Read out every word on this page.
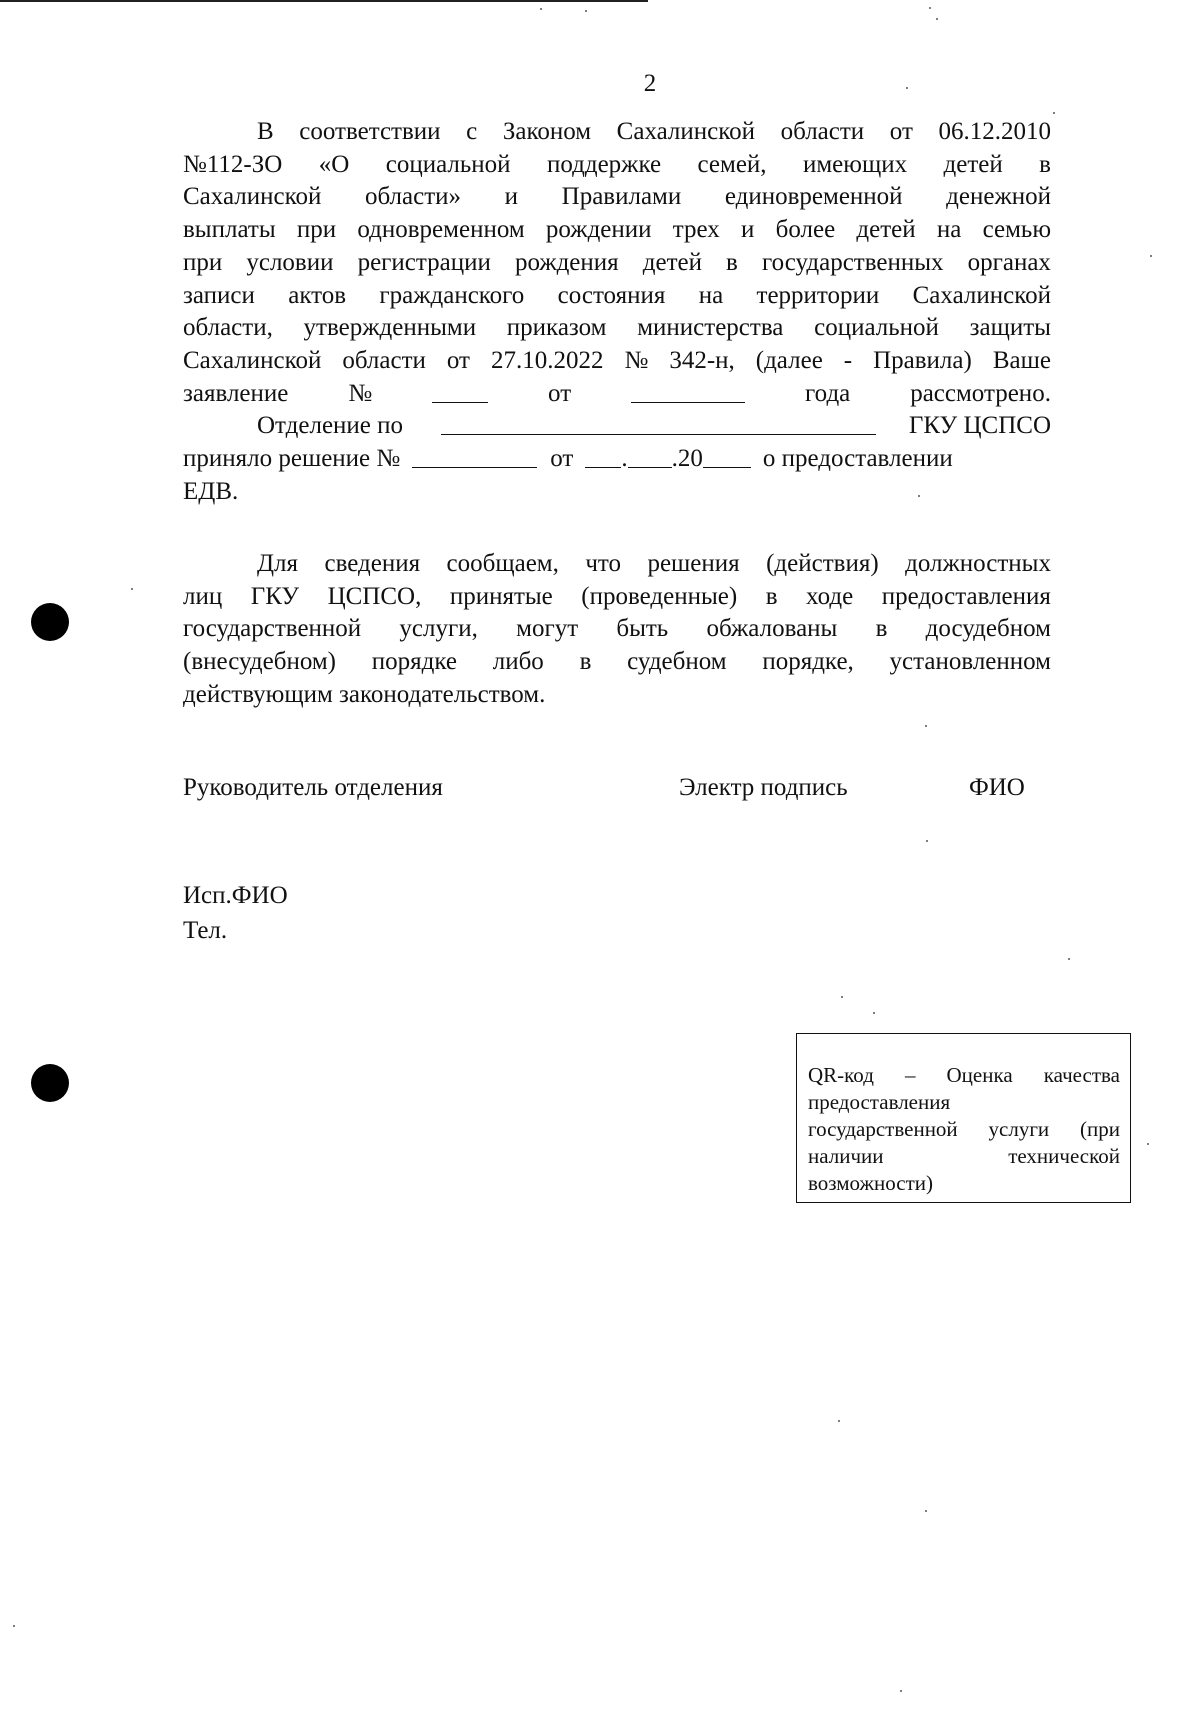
2
В соответствии с Законом Сахалинской области от 06.12.2010
№112-ЗО «О социальной поддержке семей, имеющих детей в
Сахалинской области» и Правилами единовременной денежной
выплаты при одновременном рождении трех и более детей на семью
при условии регистрации рождения детей в государственных органах
записи актов гражданского состояния на территории Сахалинской
области, утвержденными приказом министерства социальной защиты
Сахалинской области от 27.10.2022 № 342-н, (далее - Правила) Ваше
заявление №	от	года рассмотрено.
Отделение по	ГКУ ЦСПСО
приняло решение №	от . .20 о предоставлении
ЕДВ.
Для сведения сообщаем, что решения (действия) должностных
лиц ГКУ ЦСПСО, принятые (проведенные) в ходе предоставления
государственной услуги, могут быть обжалованы в досудебном
(внесудебном) порядке либо в судебном порядке, установленном
действующим законодательством.
Руководитель отделения	Электр подпись	ФИО
Исп.ФИО
Тел.
QR-код – Оценка качества
предоставления
государственной услуги (при
наличии	технической
возможности)
